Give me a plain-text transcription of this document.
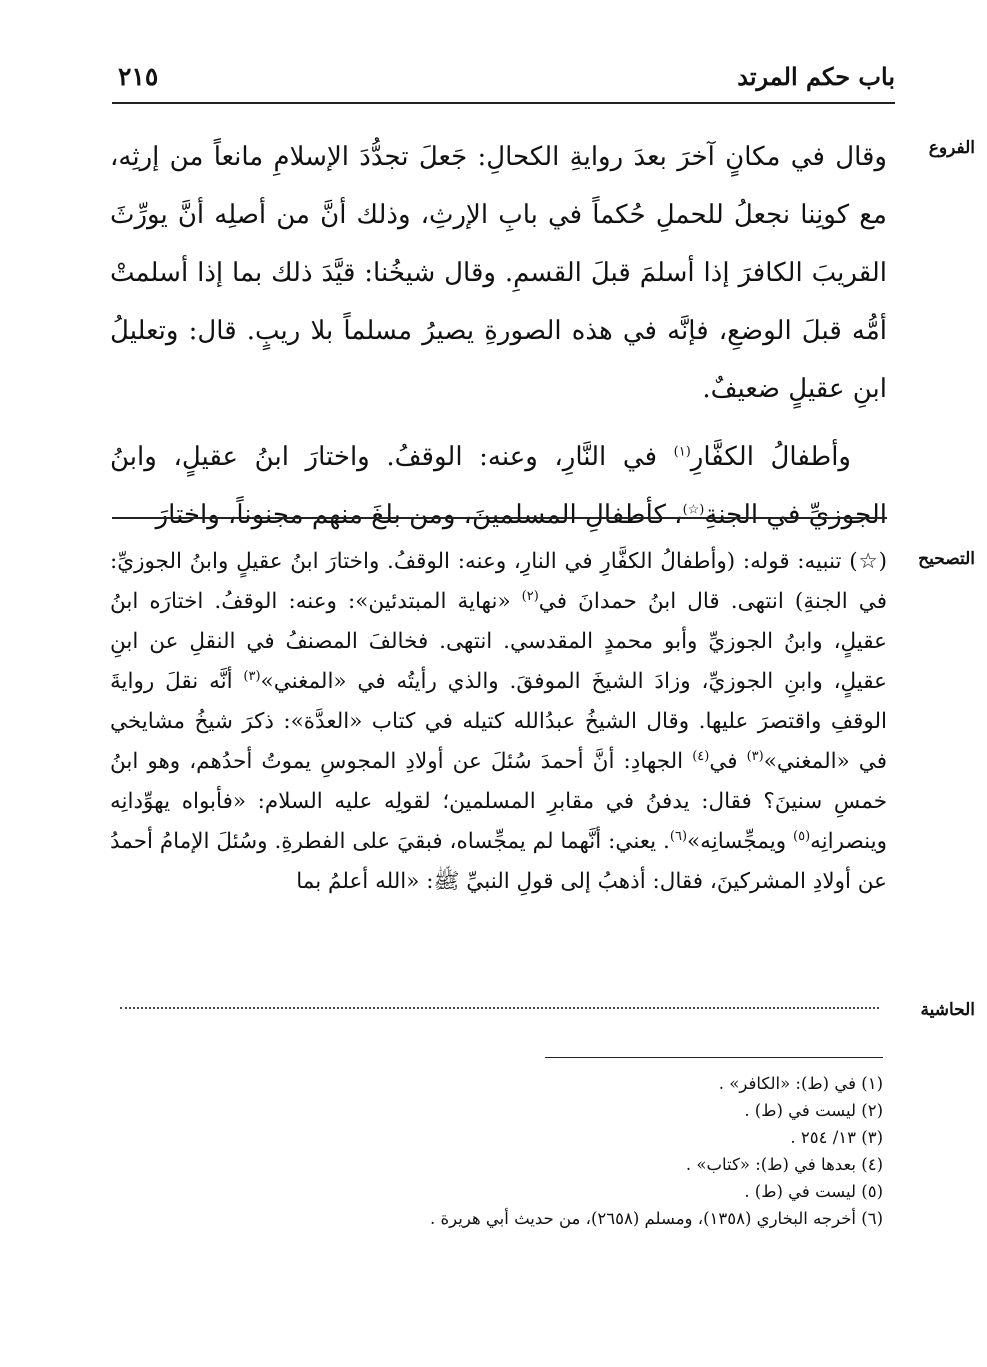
باب حكم المرتد
٢١٥
الفروع
التصحيح
الحاشية

وقال في مكانٍ آخرَ بعدَ روايةِ الكحالِ: جَعلَ تجدُّدَ الإسلامِ مانعاً من إرثِه، مع كونِنا نجعلُ للحملِ حُكماً في بابِ الإرثِ، وذلك أنَّ من أصلِه أنَّ يورِّثَ القريبَ الكافرَ إذا أسلمَ قبلَ القسمِ. وقال شيخُنا: قيَّدَ ذلك بما إذا أسلمتْ أمُّه قبلَ الوضعِ، فإنَّه في هذه الصورةِ يصيرُ مسلماً بلا ريبٍ. قال: وتعليلُ ابنِ عقيلٍ ضعيفٌ.

وأطفالُ الكفَّارِ$^{(١)}$ في النَّارِ، وعنه: الوقفُ. واختارَ ابنُ عقيلٍ، وابنُ الجوزيِّ في الجنةِ(☆)، كأطفالِ المسلمينَ، ومن بلغَ منهم مجنوناً، واختارَ

(☆) تنبيه: قوله: (وأطفالُ الكفَّارِ في النارِ، وعنه: الوقفُ. واختارَ ابنُ عقيلٍ وابنُ الجوزيِّ: في الجنةِ) انتهى. قال ابنُ حمدانَ في$^{(٢)}$ «نهاية المبتدئين»: وعنه: الوقفُ. اختارَه ابنُ عقيلٍ، وابنُ الجوزيِّ وأبو محمدٍ المقدسي. انتهى. فخالفَ المصنفُ في النقلِ عن ابنِ عقيلٍ، وابنِ الجوزيِّ، وزادَ الشيخَ الموفقَ. والذي رأيتُه في «المغني»$^{(٣)}$ أنَّه نقلَ روايةَ الوقفِ واقتصرَ عليها. وقال الشيخُ عبدُالله كتيله في كتاب «العدَّة»: ذكرَ شيخُ مشايخي في «المغني»$^{(٣)}$ في$^{(٤)}$ الجهادِ: أنَّ أحمدَ سُئلَ عن أولادِ المجوسِ يموتُ أحدُهم، وهو ابنُ خمسِ سنينَ؟ فقال: يدفنُ في مقابرِ المسلمين؛ لقولِه عليه السلام: «فأبواه يهوِّدانِه وينصرانِه$^{(٥)}$ ويمجِّسانِه»$^{(٦)}$. يعني: أنَّهما لم يمجِّساه، فبقيَ على الفطرةِ. وسُئلَ الإمامُ أحمدُ عن أولادِ المشركينَ، فقال: أذهبُ إلى قولِ النبيِّ ﷺ: «الله أعلمُ بما

(١) في (ط): «الكافر» .

(٢) ليست في (ط) .

(٣) ١٣/ ٢٥٤ .

(٤) بعدها في (ط): «كتاب» .

(٥) ليست في (ط) .

(٦) أخرجه البخاري (١٣٥٨)، ومسلم (٢٦٥٨)، من حديث أبي هريرة .
